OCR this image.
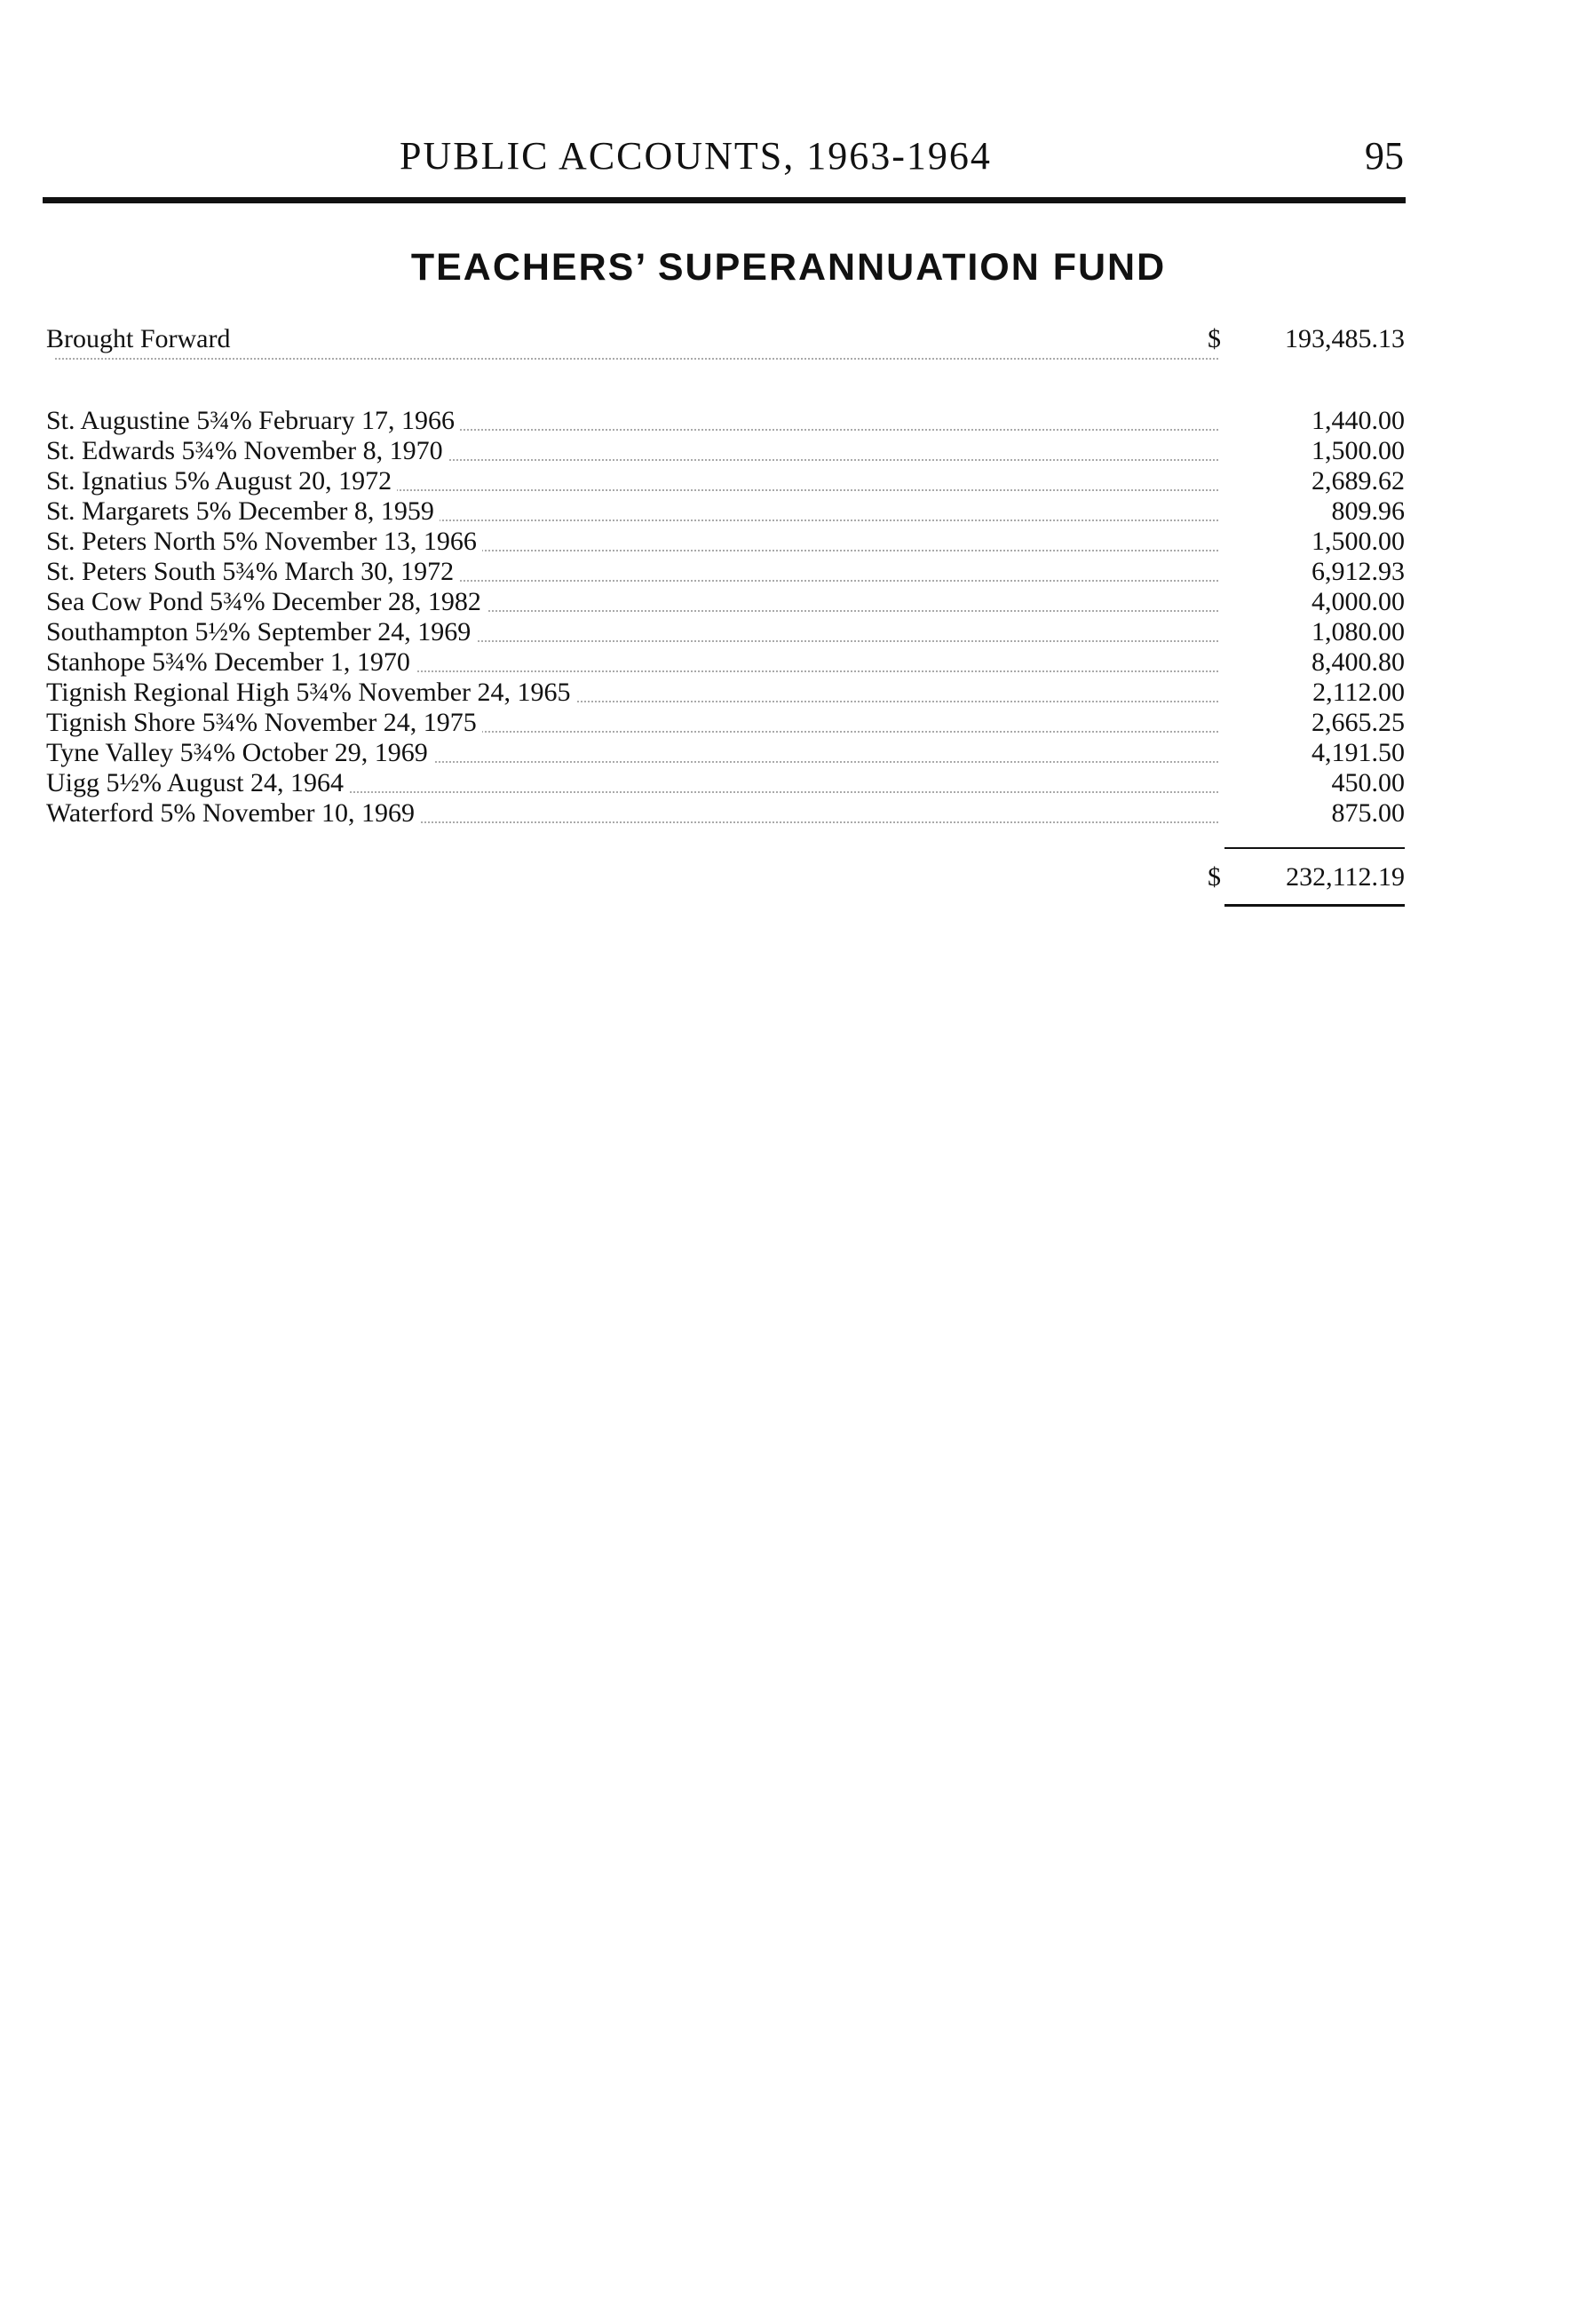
PUBLIC ACCOUNTS, 1963-1964	95
TEACHERS’ SUPERANNUATION FUND
Brought Forward	$ 193,485.13
St. Augustine 5¾% February 17, 1966	1,440.00
St. Edwards 5¾% November 8, 1970	1,500.00
St. Ignatius 5% August 20, 1972	2,689.62
St. Margarets 5% December 8, 1959	809.96
St. Peters North 5% November 13, 1966	1,500.00
St. Peters South 5¾% March 30, 1972	6,912.93
Sea Cow Pond 5¾% December 28, 1982	4,000.00
Southampton 5½% September 24, 1969	1,080.00
Stanhope 5¾% December 1, 1970	8,400.80
Tignish Regional High 5¾% November 24, 1965	2,112.00
Tignish Shore 5¾% November 24, 1975	2,665.25
Tyne Valley 5¾% October 29, 1969	4,191.50
Uigg 5½% August 24, 1964	450.00
Waterford 5% November 10, 1969	875.00
$ 232,112.19
